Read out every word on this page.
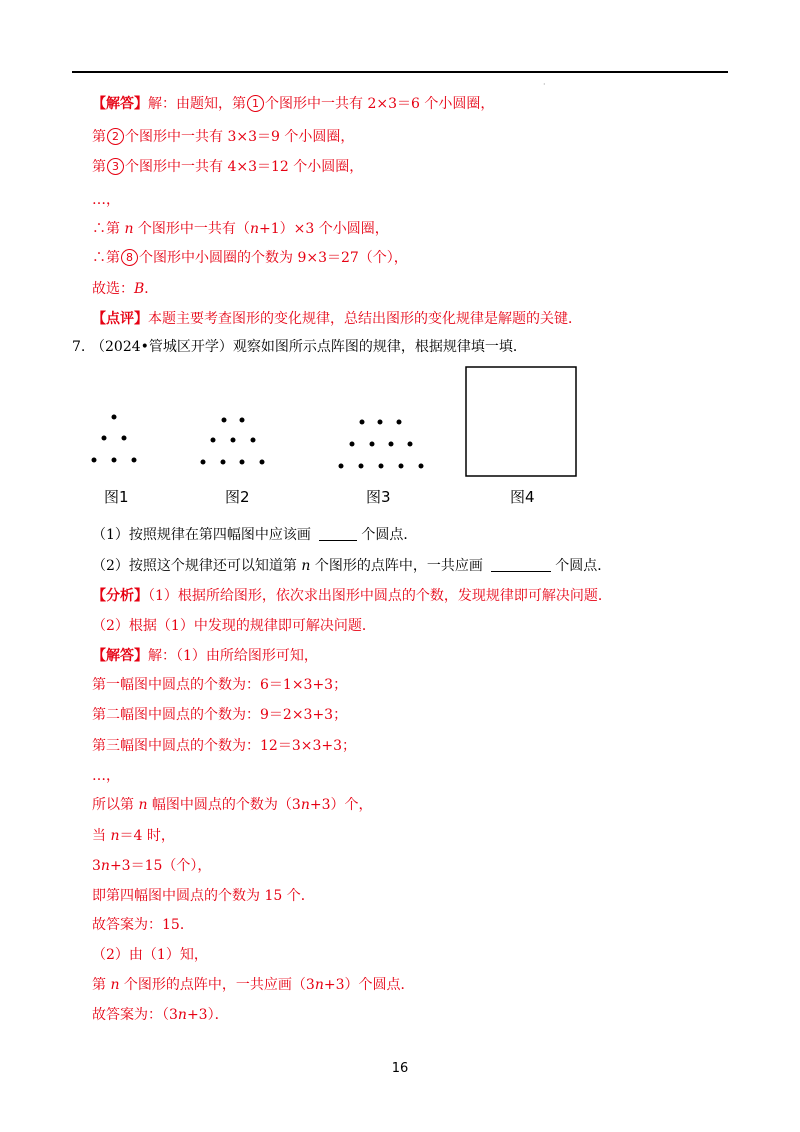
·
【解答】解：由题知，第 1 个图形中一共有 2×3＝6 个小圆圈，
第 2 个图形中一共有 3×3＝9 个小圆圈，
第 3 个图形中一共有 4×3＝12 个小圆圈，
…，
∴第 n 个图形中一共有（n+1）×3 个小圆圈，
∴第 8 个图形中小圆圈的个数为 9×3＝27（个），
故选：B．
【点评】本题主要考查图形的变化规律，总结出图形的变化规律是解题的关键．
7. （2024•管城区开学）观察如图所示点阵图的规律，根据规律填一填．
图1	图2	图3	图4
（1）按照规律在第四幅图中应该画	个圆点．
（2）按照这个规律还可以知道第 n 个图形的点阵中，一共应画	个圆点．
【分析】（1）根据所给图形，依次求出图形中圆点的个数，发现规律即可解决问题．
（2）根据（1）中发现的规律即可解决问题．
【解答】解：（1）由所给图形可知，
第一幅图中圆点的个数为：6＝1×3+3；
第二幅图中圆点的个数为：9＝2×3+3；
第三幅图中圆点的个数为：12＝3×3+3；
…，
所以第 n 幅图中圆点的个数为（3n+3）个，
当 n＝4 时，
3n+3＝15（个），
即第四幅图中圆点的个数为 15 个．
故答案为：15．
（2）由（1）知，
第 n 个图形的点阵中，一共应画（3n+3）个圆点．
故答案为：（3n+3）．
16
